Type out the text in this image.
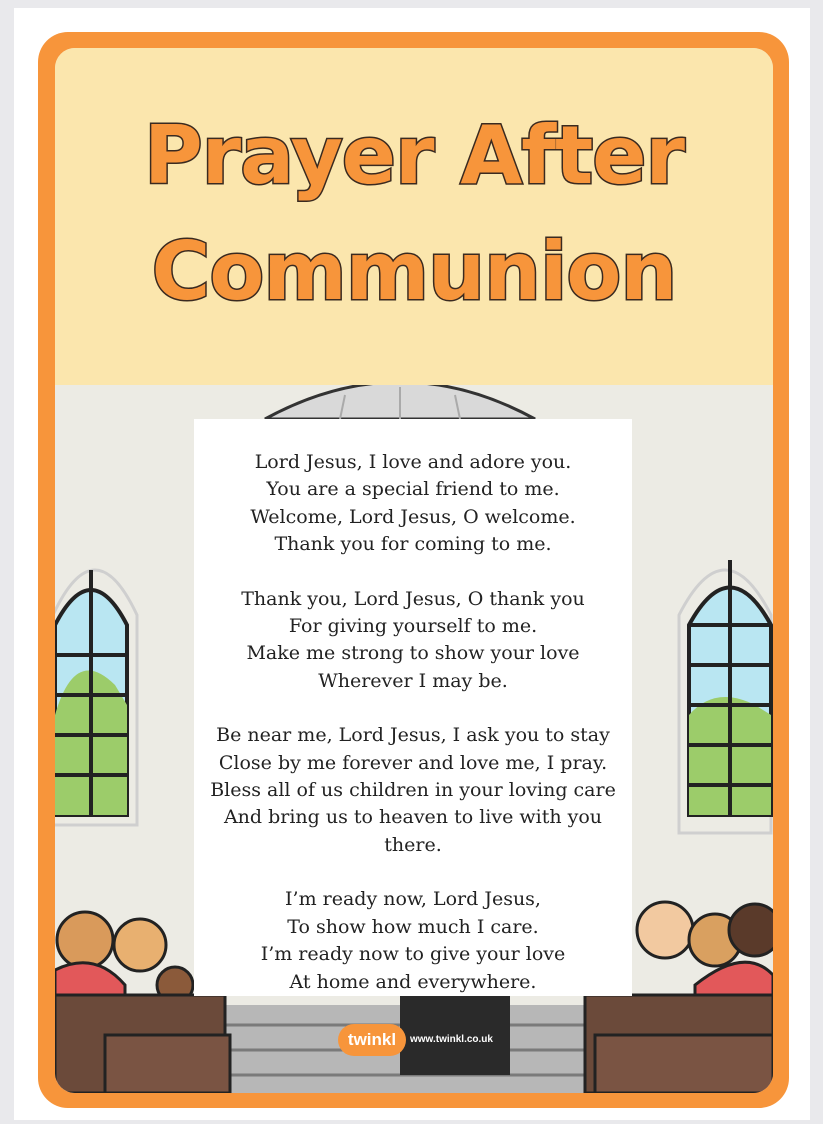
Prayer After
Communion

Lord Jesus, I love and adore you.
You are a special friend to me.
Welcome, Lord Jesus, O welcome.
Thank you for coming to me.

Thank you, Lord Jesus, O thank you
For giving yourself to me.
Make me strong to show your love
Wherever I may be.

Be near me, Lord Jesus, I ask you to stay
Close by me forever and love me, I pray.
Bless all of us children in your loving care
And bring us to heaven to live with you there.

I’m ready now, Lord Jesus,
To show how much I care.
I’m ready now to give your love
At home and everywhere.

twinkl	www.twinkl.co.uk
